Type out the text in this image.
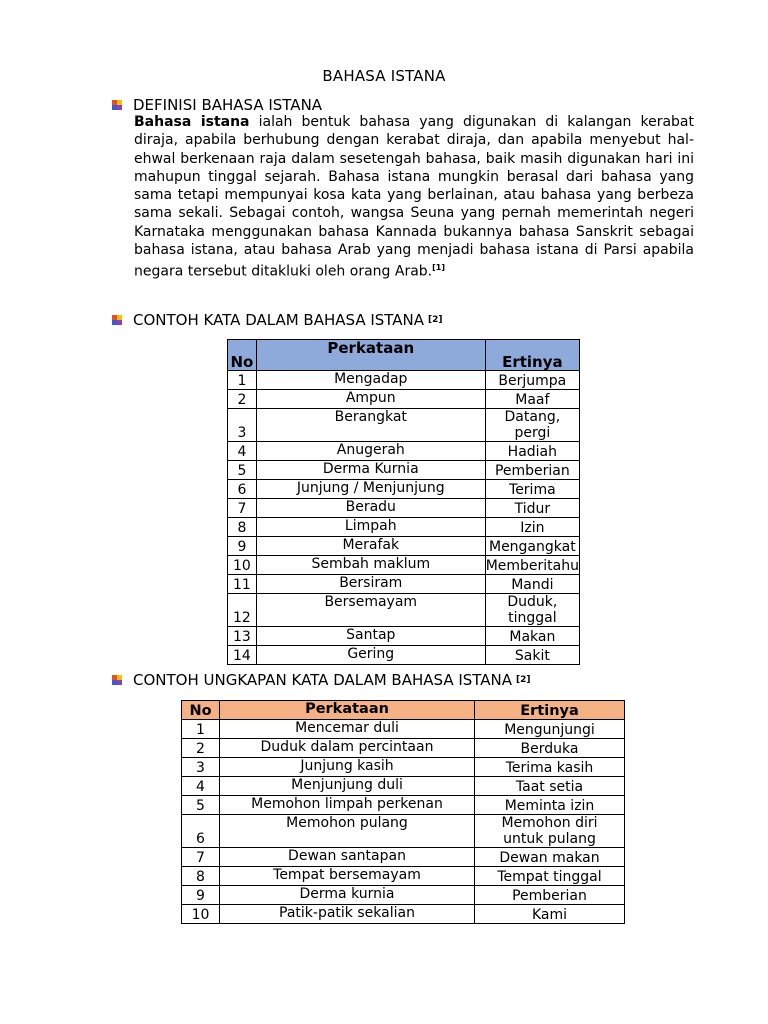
BAHASA ISTANA
DEFINISI BAHASA ISTANA
Bahasa istana ialah bentuk bahasa yang digunakan di kalangan kerabat diraja, apabila berhubung dengan kerabat diraja, dan apabila menyebut hal-ehwal berkenaan raja dalam sesetengah bahasa, baik masih digunakan hari ini mahupun tinggal sejarah. Bahasa istana mungkin berasal dari bahasa yang sama tetapi mempunyai kosa kata yang berlainan, atau bahasa yang berbeza sama sekali. Sebagai contoh, wangsa Seuna yang pernah memerintah negeri Karnataka menggunakan bahasa Kannada bukannya bahasa Sanskrit sebagai bahasa istana, atau bahasa Arab yang menjadi bahasa istana di Parsi apabila negara tersebut ditakluki oleh orang Arab.[1]
CONTOH KATA DALAM BAHASA ISTANA [2]
No	Perkataan	Ertinya
1	Mengadap	Berjumpa
2	Ampun	Maaf
3	Berangkat	Datang, pergi
4	Anugerah	Hadiah
5	Derma Kurnia	Pemberian
6	Junjung / Menjunjung	Terima
7	Beradu	Tidur
8	Limpah	Izin
9	Merafak	Mengangkat
10	Sembah maklum	Memberitahu
11	Bersiram	Mandi
12	Bersemayam	Duduk, tinggal
13	Santap	Makan
14	Gering	Sakit
CONTOH UNGKAPAN KATA DALAM BAHASA ISTANA [2]
No	Perkataan	Ertinya
1	Mencemar duli	Mengunjungi
2	Duduk dalam percintaan	Berduka
3	Junjung kasih	Terima kasih
4	Menjunjung duli	Taat setia
5	Memohon limpah perkenan	Meminta izin
6	Memohon pulang	Memohon diri untuk pulang
7	Dewan santapan	Dewan makan
8	Tempat bersemayam	Tempat tinggal
9	Derma kurnia	Pemberian
10	Patik-patik sekalian	Kami
